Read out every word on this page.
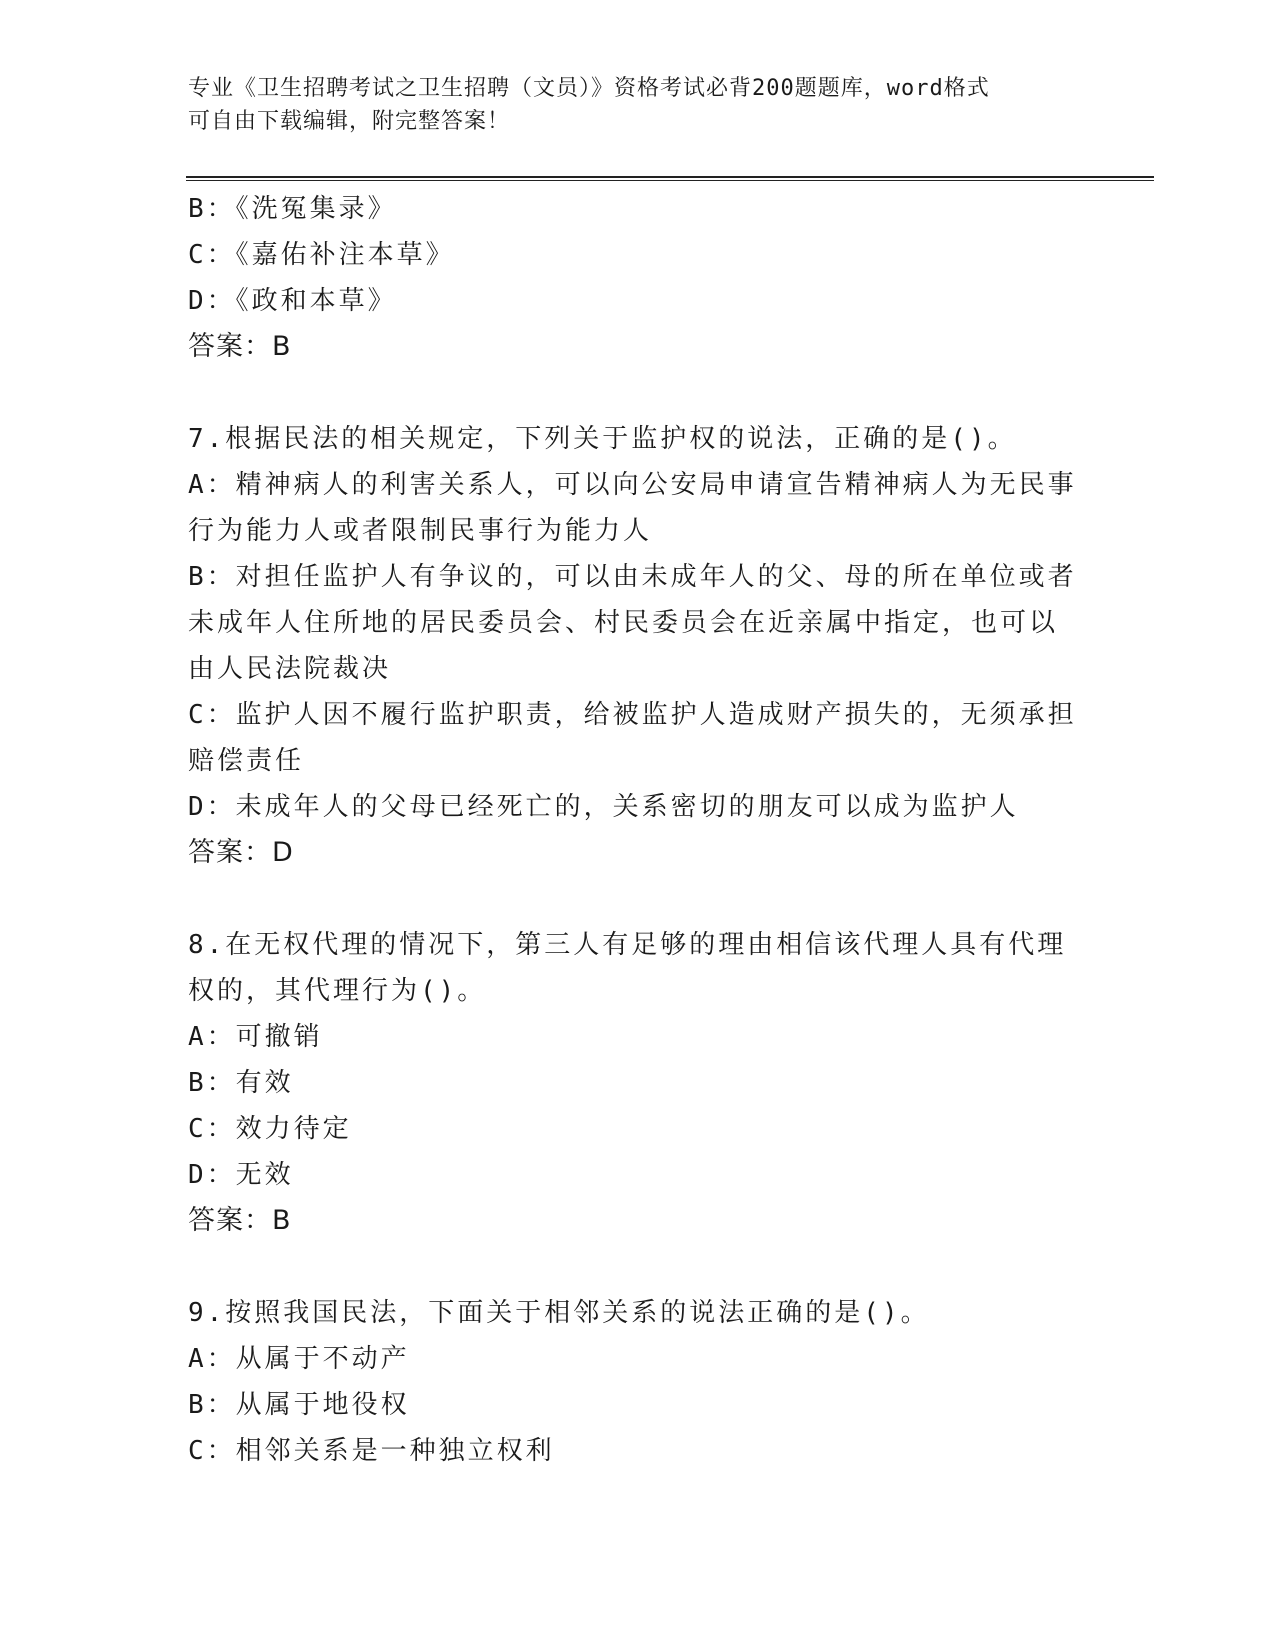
专业《卫生招聘考试之卫生招聘（文员）》资格考试必背200题题库，word格式
可自由下载编辑，附完整答案！
B：《洗冤集录》
C：《嘉佑补注本草》
D：《政和本草》
答案：B
7.根据民法的相关规定，下列关于监护权的说法，正确的是()。
A：精神病人的利害关系人，可以向公安局申请宣告精神病人为无民事
行为能力人或者限制民事行为能力人
B：对担任监护人有争议的，可以由未成年人的父、母的所在单位或者
未成年人住所地的居民委员会、村民委员会在近亲属中指定，也可以
由人民法院裁决
C：监护人因不履行监护职责，给被监护人造成财产损失的，无须承担
赔偿责任
D：未成年人的父母已经死亡的，关系密切的朋友可以成为监护人
答案：D
8.在无权代理的情况下，第三人有足够的理由相信该代理人具有代理
权的，其代理行为()。
A：可撤销
B：有效
C：效力待定
D：无效
答案：B
9.按照我国民法，下面关于相邻关系的说法正确的是()。
A：从属于不动产
B：从属于地役权
C：相邻关系是一种独立权利
